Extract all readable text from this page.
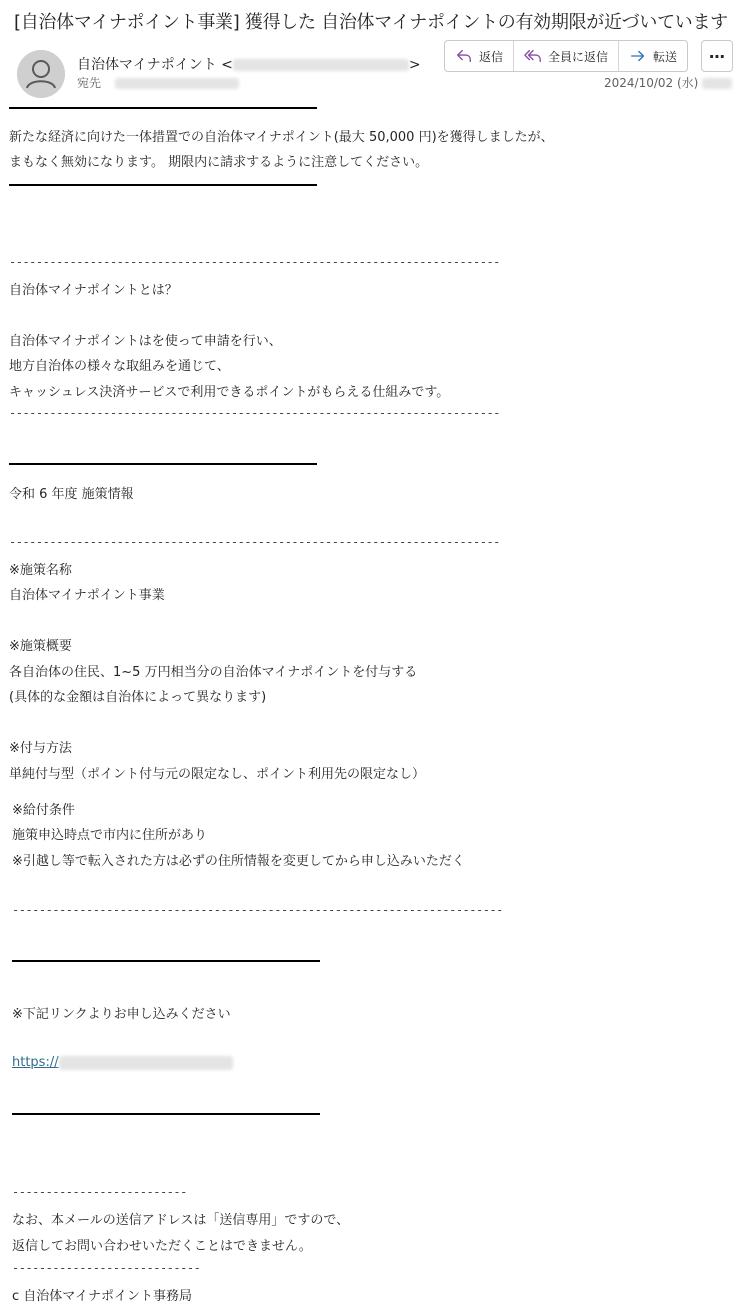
[自治体マイナポイント事業] 獲得した 自治体マイナポイントの有効期限が近づいています
自治体マイナポイント <	>
宛先
返信	全員に返信	転送 ⋯
2024/10/02 (水)
新たな経済に向けた一体措置での自治体マイナポイント(最大 50,000 円)を獲得しましたが、
まもなく無効になります。 期限内に請求するように注意してください。
-------------------------------------------------------------------------
自治体マイナポイントとは？
自治体マイナポイントはを使って申請を行い、
地方自治体の様々な取組みを通じて、
キャッシュレス決済サービスで利用できるポイントがもらえる仕組みです。
-------------------------------------------------------------------------
令和 6 年度 施策情報
-------------------------------------------------------------------------
※施策名称
自治体マイナポイント事業
※施策概要
各自治体の住民、1~5 万円相当分の自治体マイナポイントを付与する
(具体的な金額は自治体によって異なります)
※付与方法
単純付与型（ポイント付与元の限定なし、ポイント利用先の限定なし）
※給付条件
施策申込時点で市内に住所があり
※引越し等で転入された方は必ずの住所情報を変更してから申し込みいただく
-------------------------------------------------------------------------
※下記リンクよりお申し込みください
https://
--------------------------
なお、本メールの送信アドレスは「送信専用」ですので、
返信してお問い合わせいただくことはできません。
----------------------------
c 自治体マイナポイント事務局
